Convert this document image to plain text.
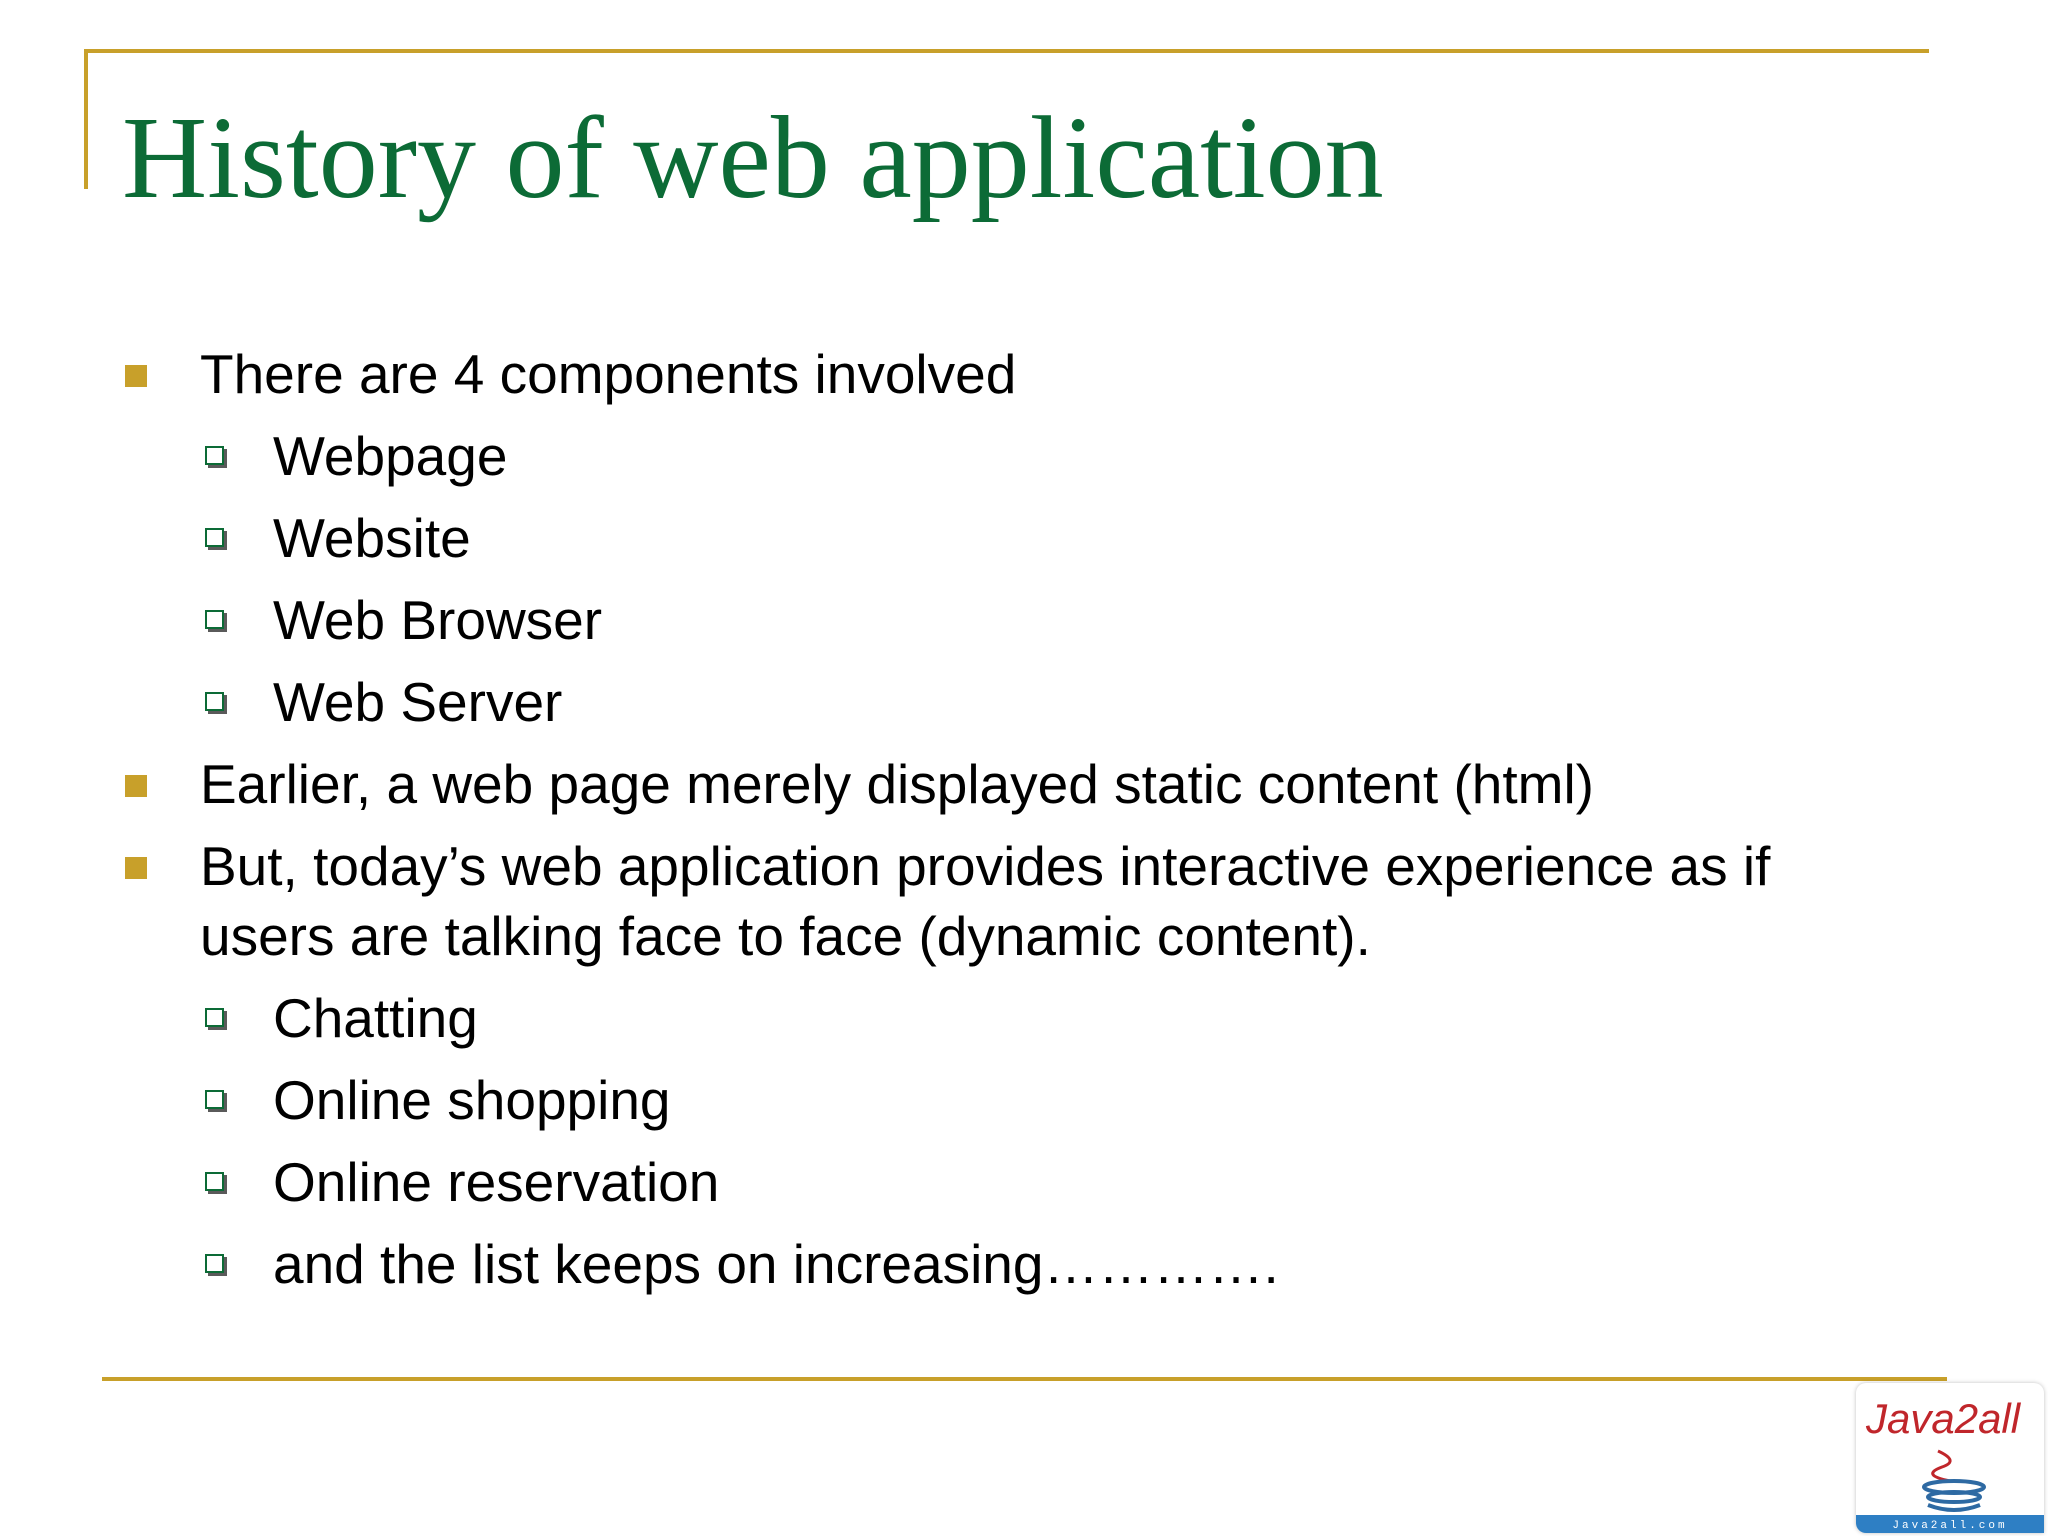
History of web application
There are 4 components involved
Webpage
Website
Web Browser
Web Server
Earlier, a web page merely displayed static content (html)
But, today’s web application provides interactive experience as if
users are talking face to face (dynamic content).
Chatting
Online shopping
Online reservation
and the list keeps on increasing………….
Java2all
Java2all.com
